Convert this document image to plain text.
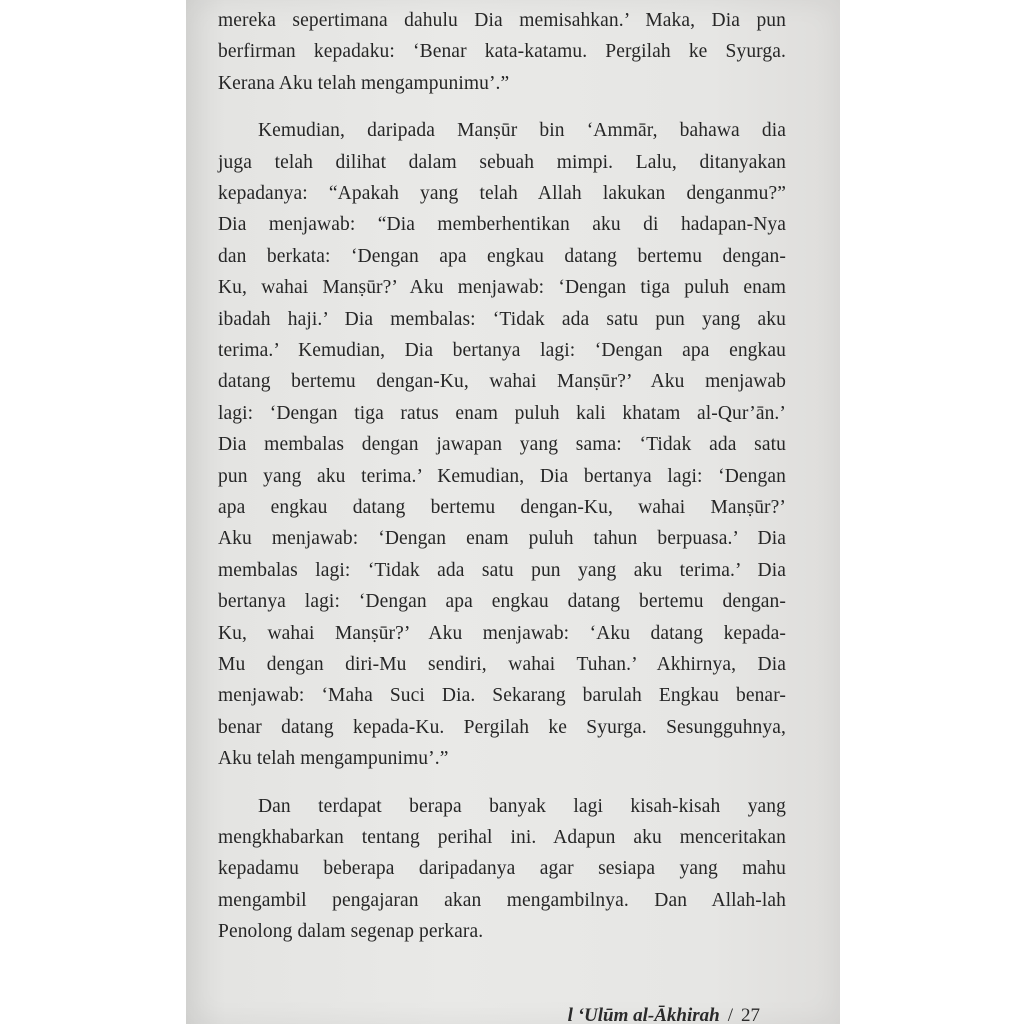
mereka sepertimana dahulu Dia memisahkan.’ Maka, Dia pun
berfirman kepadaku: ‘Benar kata-katamu. Pergilah ke Syurga.
Kerana Aku telah mengampunimu’.”
Kemudian, daripada Manṣūr bin ‘Ammār, bahawa dia
juga telah dilihat dalam sebuah mimpi. Lalu, ditanyakan
kepadanya: “Apakah yang telah Allah lakukan denganmu?”
Dia menjawab: “Dia memberhentikan aku di hadapan-Nya
dan berkata: ‘Dengan apa engkau datang bertemu dengan-
Ku, wahai Manṣūr?’ Aku menjawab: ‘Dengan tiga puluh enam
ibadah haji.’ Dia membalas: ‘Tidak ada satu pun yang aku
terima.’ Kemudian, Dia bertanya lagi: ‘Dengan apa engkau
datang bertemu dengan-Ku, wahai Manṣūr?’ Aku menjawab
lagi: ‘Dengan tiga ratus enam puluh kali khatam al-Qur’ān.’
Dia membalas dengan jawapan yang sama: ‘Tidak ada satu
pun yang aku terima.’ Kemudian, Dia bertanya lagi: ‘Dengan
apa engkau datang bertemu dengan-Ku, wahai Manṣūr?’
Aku menjawab: ‘Dengan enam puluh tahun berpuasa.’ Dia
membalas lagi: ‘Tidak ada satu pun yang aku terima.’ Dia
bertanya lagi: ‘Dengan apa engkau datang bertemu dengan-
Ku, wahai Manṣūr?’ Aku menjawab: ‘Aku datang kepada-
Mu dengan diri-Mu sendiri, wahai Tuhan.’ Akhirnya, Dia
menjawab: ‘Maha Suci Dia. Sekarang barulah Engkau benar-
benar datang kepada-Ku. Pergilah ke Syurga. Sesungguhnya,
Aku telah mengampunimu’.”
Dan terdapat berapa banyak lagi kisah-kisah yang
mengkhabarkan tentang perihal ini. Adapun aku menceritakan
kepadamu beberapa daripadanya agar sesiapa yang mahu
mengambil pengajaran akan mengambilnya. Dan Allah-lah
Penolong dalam segenap perkara.
l ‘Ulūm al-Ākhirah / 27
